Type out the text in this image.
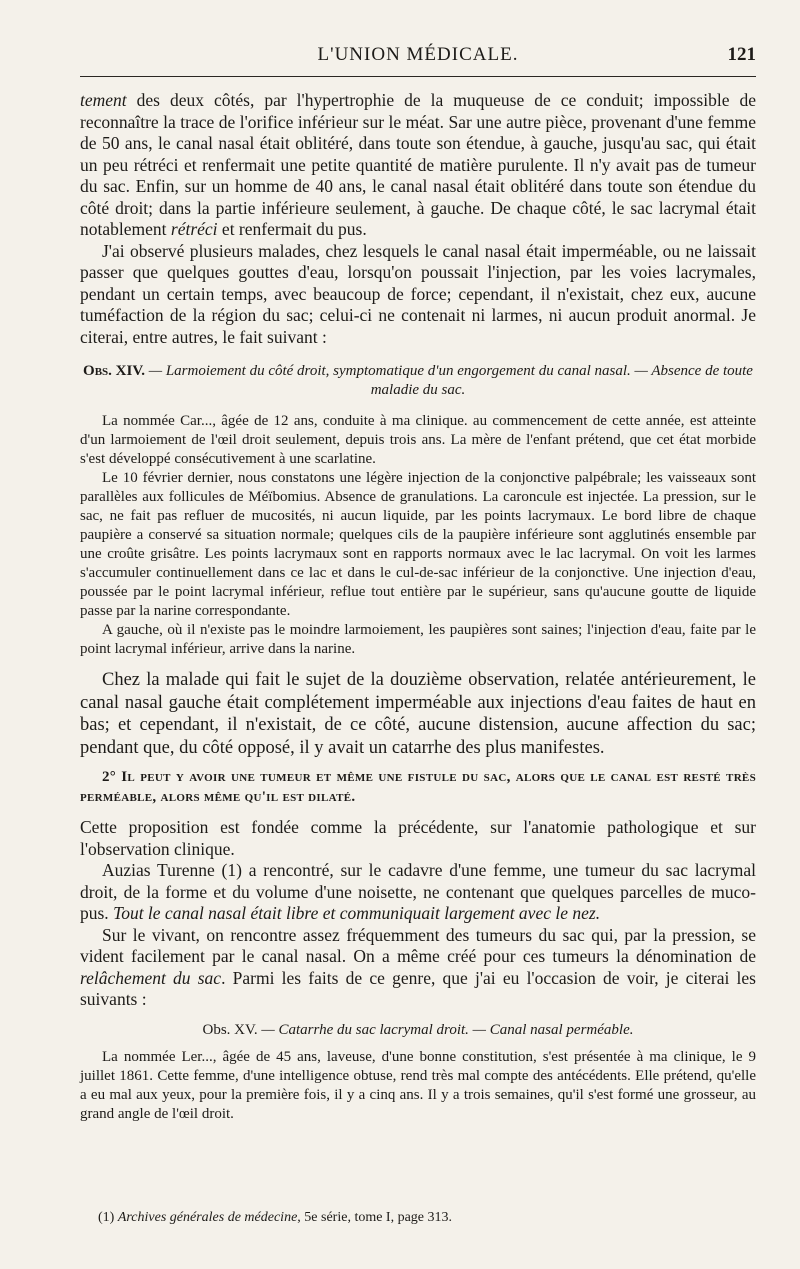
L'UNION MÉDICALE.	121

tement des deux côtés, par l'hypertrophie de la muqueuse de ce conduit; impossible de reconnaître la trace de l'orifice inférieur sur le méat. Sar une autre pièce, provenant d'une femme de 50 ans, le canal nasal était oblitéré, dans toute son étendue, à gauche, jusqu'au sac, qui était un peu rétréci et renfermait une petite quantité de matière purulente. Il n'y avait pas de tumeur du sac. Enfin, sur un homme de 40 ans, le canal nasal était oblitéré dans toute son étendue du côté droit; dans la partie inférieure seulement, à gauche. De chaque côté, le sac lacrymal était notablement rétréci et renfermait du pus.

J'ai observé plusieurs malades, chez lesquels le canal nasal était imperméable, ou ne laissait passer que quelques gouttes d'eau, lorsqu'on poussait l'injection, par les voies lacrymales, pendant un certain temps, avec beaucoup de force; cependant, il n'existait, chez eux, aucune tuméfaction de la région du sac; celui-ci ne contenait ni larmes, ni aucun produit anormal. Je citerai, entre autres, le fait suivant :

Obs. XIV. — Larmoiement du côté droit, symptomatique d'un engorgement du canal nasal. — Absence de toute maladie du sac.

La nommée Car..., âgée de 12 ans, conduite à ma clinique. au commencement de cette année, est atteinte d'un larmoiement de l'œil droit seulement, depuis trois ans. La mère de l'enfant prétend, que cet état morbide s'est développé consécutivement à une scarlatine.

Le 10 février dernier, nous constatons une légère injection de la conjonctive palpébrale; les vaisseaux sont parallèles aux follicules de Méïbomius. Absence de granulations. La caroncule est injectée. La pression, sur le sac, ne fait pas refluer de mucosités, ni aucun liquide, par les points lacrymaux. Le bord libre de chaque paupière a conservé sa situation normale; quelques cils de la paupière inférieure sont agglutinés ensemble par une croûte grisâtre. Les points lacrymaux sont en rapports normaux avec le lac lacrymal. On voit les larmes s'accumuler continuellement dans ce lac et dans le cul-de-sac inférieur de la conjonctive. Une injection d'eau, poussée par le point lacrymal inférieur, reflue tout entière par le supérieur, sans qu'aucune goutte de liquide passe par la narine correspondante.

A gauche, où il n'existe pas le moindre larmoiement, les paupières sont saines; l'injection d'eau, faite par le point lacrymal inférieur, arrive dans la narine.

Chez la malade qui fait le sujet de la douzième observation, relatée antérieurement, le canal nasal gauche était complétement imperméable aux injections d'eau faites de haut en bas; et cependant, il n'existait, de ce côté, aucune distension, aucune affection du sac; pendant que, du côté opposé, il y avait un catarrhe des plus manifestes.

2° Il peut y avoir une tumeur et même une fistule du sac, alors que le canal est resté très perméable, alors même qu'il est dilaté.

Cette proposition est fondée comme la précédente, sur l'anatomie pathologique et sur l'observation clinique.

Auzias Turenne (1) a rencontré, sur le cadavre d'une femme, une tumeur du sac lacrymal droit, de la forme et du volume d'une noisette, ne contenant que quelques parcelles de muco-pus. Tout le canal nasal était libre et communiquait largement avec le nez.

Sur le vivant, on rencontre assez fréquemment des tumeurs du sac qui, par la pression, se vident facilement par le canal nasal. On a même créé pour ces tumeurs la dénomination de relâchement du sac. Parmi les faits de ce genre, que j'ai eu l'occasion de voir, je citerai les suivants :

Obs. XV. — Catarrhe du sac lacrymal droit. — Canal nasal perméable.

La nommée Ler..., âgée de 45 ans, laveuse, d'une bonne constitution, s'est présentée à ma clinique, le 9 juillet 1861. Cette femme, d'une intelligence obtuse, rend très mal compte des antécédents. Elle prétend, qu'elle a eu mal aux yeux, pour la première fois, il y a cinq ans. Il y a trois semaines, qu'il s'est formé une grosseur, au grand angle de l'œil droit.

(1) Archives générales de médecine, 5e série, tome I, page 313.
